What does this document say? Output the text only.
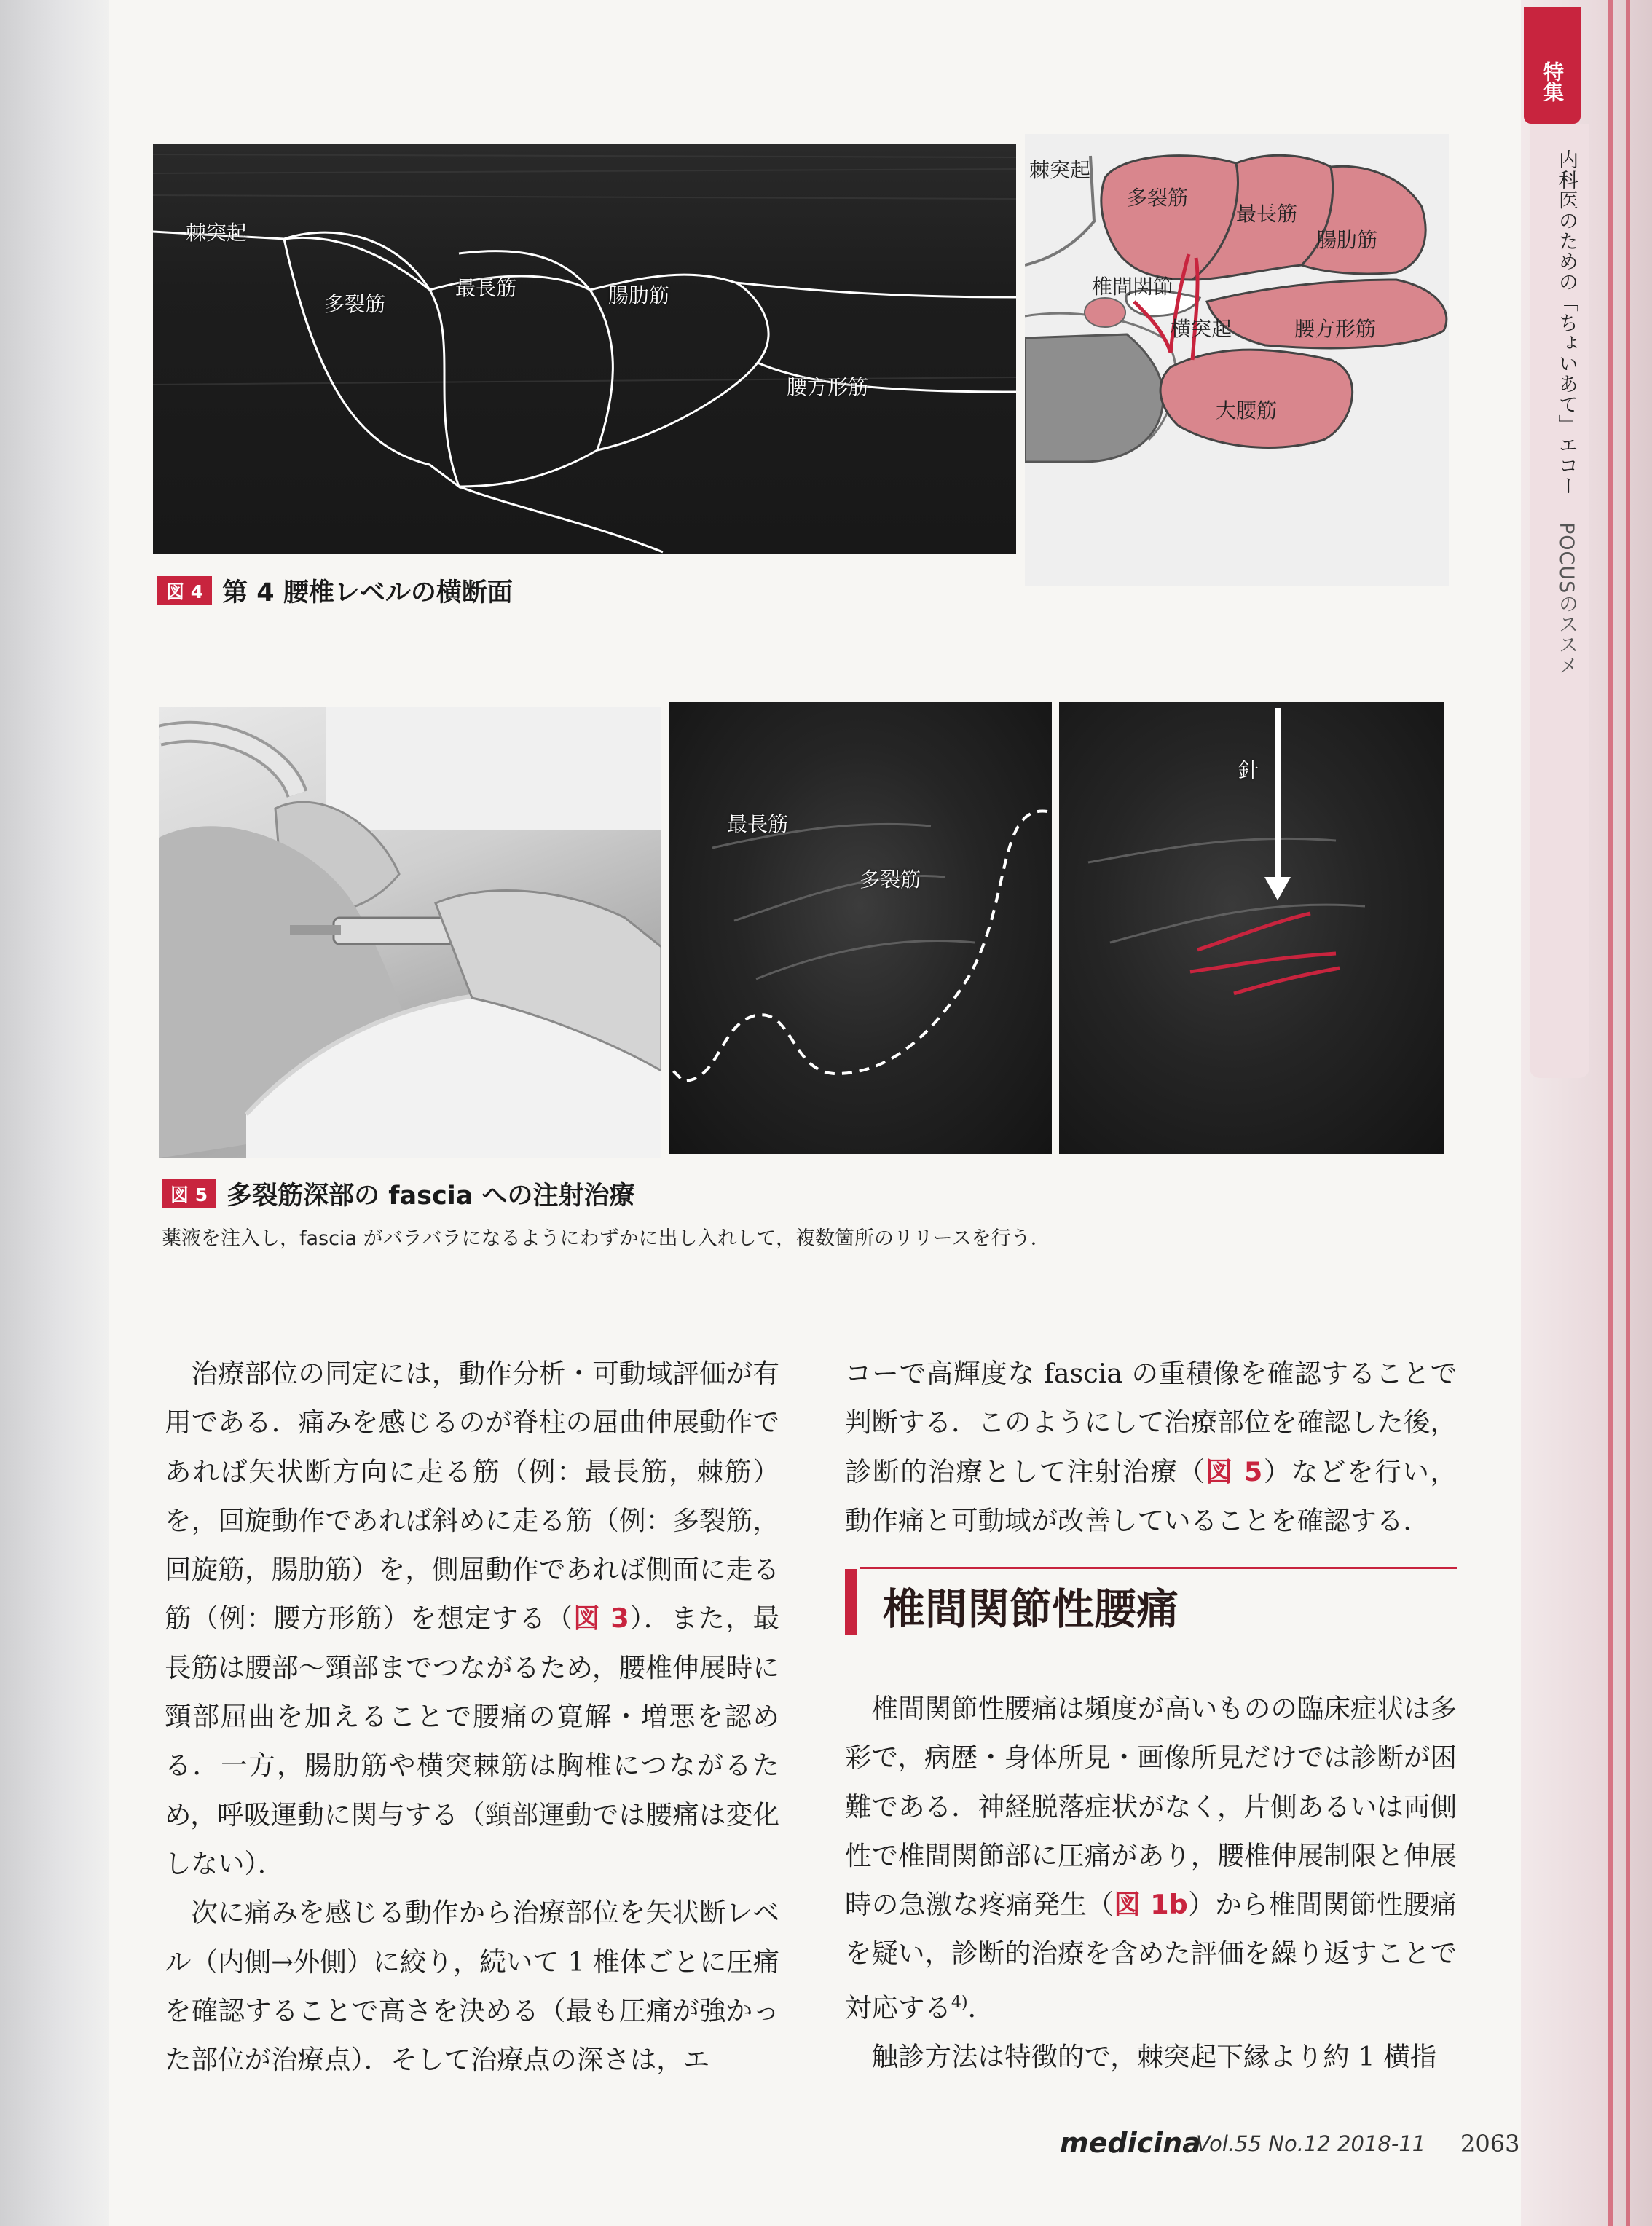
特集
内科医のための「ちょいあて」エコー POCUSのススメ
棘突起
多裂筋
最長筋	腸肋筋
腰方形筋
棘突起
多裂筋
最長筋
腸肋筋
椎間関節
横突起	腰方形筋
大腰筋
図 4 第 4 腰椎レベルの横断面
最長筋
多裂筋
針
図 5 多裂筋深部の fascia への注射治療
薬液を注入し，fascia がバラバラになるようにわずかに出し入れして，複数箇所のリリースを行う．

治療部位の同定には，動作分析・可動域評価が有用である．痛みを感じるのが脊柱の屈曲伸展動作であれば矢状断方向に走る筋（例：最長筋，棘筋）を，回旋動作であれば斜めに走る筋（例：多裂筋，回旋筋，腸肋筋）を，側屈動作であれば側面に走る筋（例：腰方形筋）を想定する（図 3）．また，最長筋は腰部〜頸部までつながるため，腰椎伸展時に頸部屈曲を加えることで腰痛の寛解・増悪を認める．一方，腸肋筋や横突棘筋は胸椎につながるため，呼吸運動に関与する（頸部運動では腰痛は変化しない）．

次に痛みを感じる動作から治療部位を矢状断レベル（内側→外側）に絞り，続いて 1 椎体ごとに圧痛を確認することで高さを決める（最も圧痛が強かった部位が治療点）．そして治療点の深さは，エ

コーで高輝度な fascia の重積像を確認することで判断する．このようにして治療部位を確認した後，診断的治療として注射治療（図 5）などを行い，動作痛と可動域が改善していることを確認する．

椎間関節性腰痛

椎間関節性腰痛は頻度が高いものの臨床症状は多彩で，病歴・身体所見・画像所見だけでは診断が困難である．神経脱落症状がなく，片側あるいは両側性で椎間関節部に圧痛があり，腰椎伸展制限と伸展時の急激な疼痛発生（図 1b）から椎間関節性腰痛を疑い，診断的治療を含めた評価を繰り返すことで対応する$^{4)}$．

触診方法は特徴的で，棘突起下縁より約 1 横指

medicina
Vol.55 No.12 2018-11 2063
